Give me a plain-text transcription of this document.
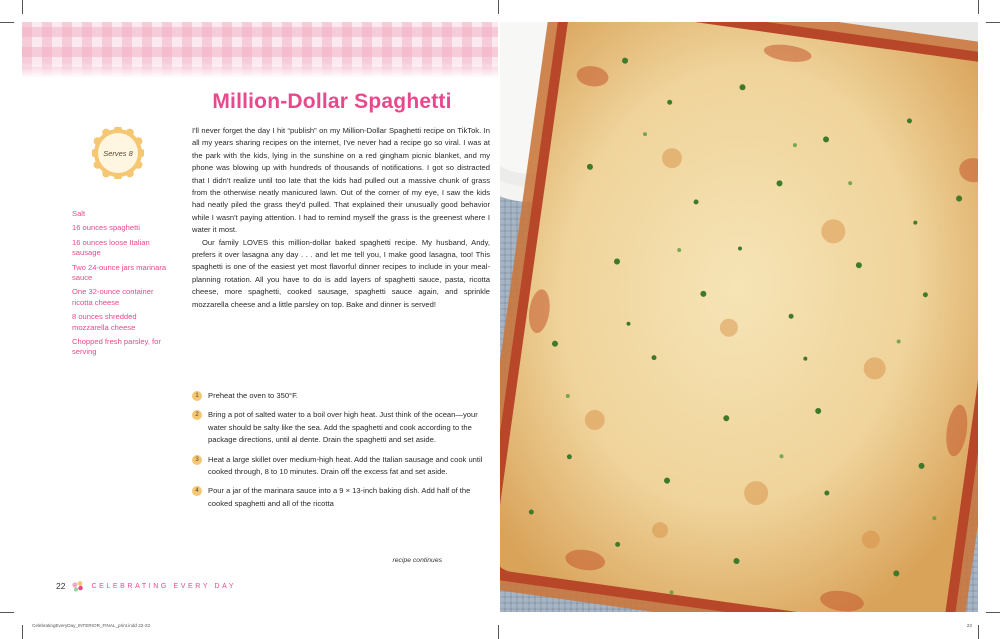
Million-Dollar Spaghetti
Serves 8
Salt
16 ounces spaghetti
16 ounces loose Italian sausage
Two 24-ounce jars marinara sauce
One 32-ounce container ricotta cheese
8 ounces shredded mozzarella cheese
Chopped fresh parsley, for serving

I'll never forget the day I hit “publish” on my Million-Dollar Spaghetti recipe on TikTok. In all my years sharing recipes on the internet, I've never had a recipe go so viral. I was at the park with the kids, lying in the sunshine on a red gingham picnic blanket, and my phone was blowing up with hundreds of thousands of notifications. I got so distracted that I didn't realize until too late that the kids had pulled out a massive chunk of grass from the otherwise neatly manicured lawn. Out of the corner of my eye, I saw the kids had neatly piled the grass they'd pulled. That explained their unusually good behavior while I wasn't paying attention. I had to remind myself the grass is the greenest where I water it most.

Our family LOVES this million-dollar baked spaghetti recipe. My husband, Andy, prefers it over lasagna any day . . . and let me tell you, I make good lasagna, too! This spaghetti is one of the easiest yet most flavorful dinner recipes to include in your meal-planning rotation. All you have to do is add layers of spaghetti sauce, pasta, ricotta cheese, more spaghetti, cooked sausage, spaghetti sauce again, and sprinkle mozzarella cheese and a little parsley on top. Bake and dinner is served!

1	Preheat the oven to 350°F.
2	Bring a pot of salted water to a boil over high heat. Just think of the ocean—your water should be salty like the sea. Add the spaghetti and cook according to the package directions, until al dente. Drain the spaghetti and set aside.
3	Heat a large skillet over medium-high heat. Add the Italian sausage and cook until cooked through, 8 to 10 minutes. Drain off the excess fat and set aside.
4	Pour a jar of the marinara sauce into a 9 × 13-inch baking dish. Add half of the cooked spaghetti and all of the ricotta
recipe continues
22	CELEBRATING EVERY DAY
CelebratingEveryDay_INTERIOR_FINAL_print.indd 22-23	23
